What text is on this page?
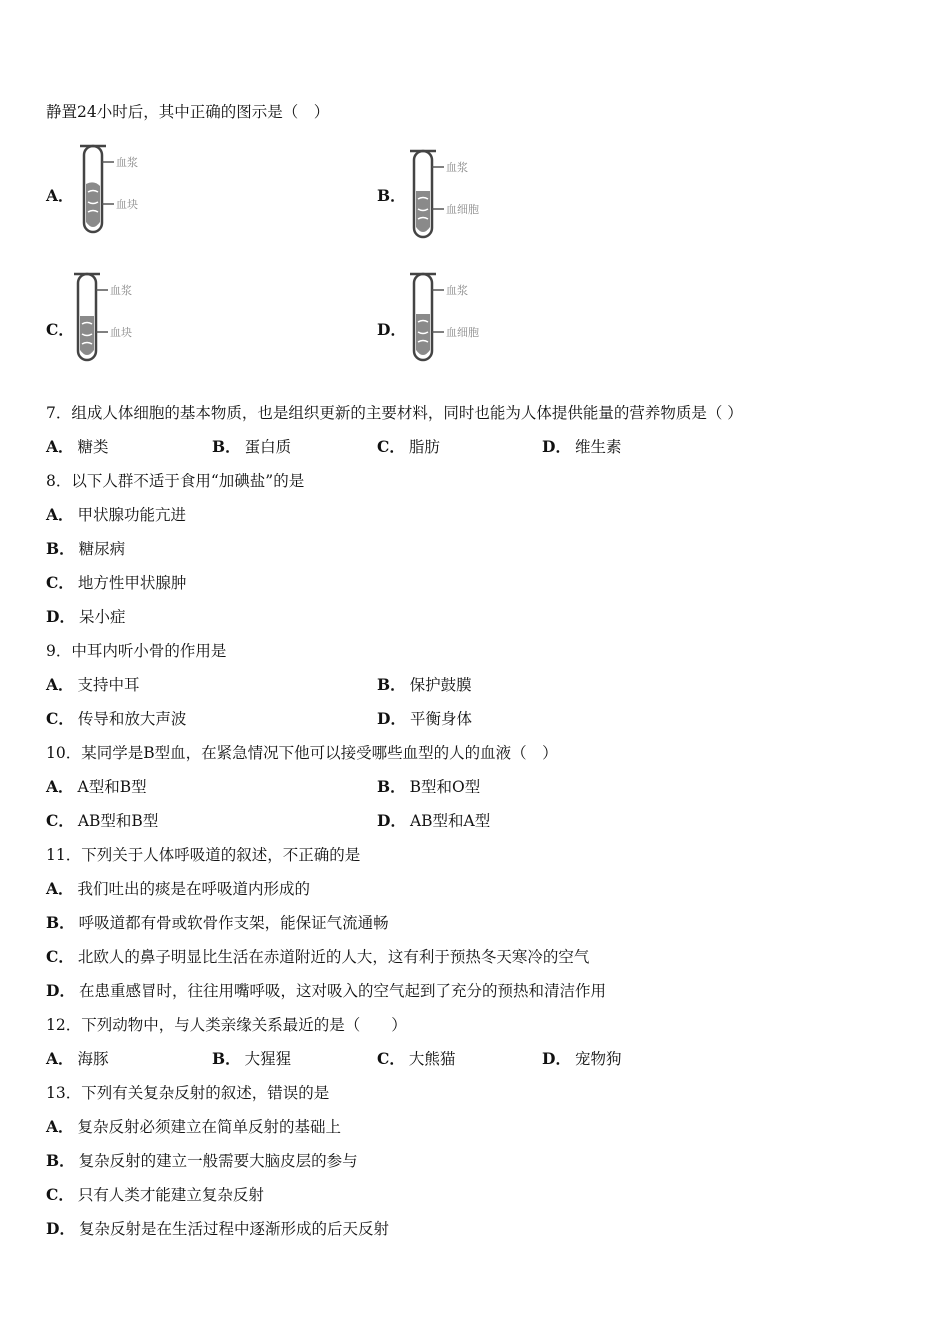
静置24小时后，其中正确的图示是（　）
A．
血浆
血块	B．
血浆
血细胞
C．
血浆
血块	D．
血浆
血细胞
7．组成人体细胞的基本物质，也是组织更新的主要材料，同时也能为人体提供能量的营养物质是（ ）
A． 糖类	B． 蛋白质	C． 脂肪	D． 维生素
8．以下人群不适于食用“加碘盐”的是
A． 甲状腺功能亢进
B． 糖尿病
C． 地方性甲状腺肿
D． 呆小症
9．中耳内听小骨的作用是
A． 支持中耳	B． 保护鼓膜
C． 传导和放大声波	D． 平衡身体
10．某同学是B型血，在紧急情况下他可以接受哪些血型的人的血液（　）
A． A型和B型	B． B型和O型
C． AB型和B型	D． AB型和A型
11．下列关于人体呼吸道的叙述，不正确的是
A． 我们吐出的痰是在呼吸道内形成的
B． 呼吸道都有骨或软骨作支架，能保证气流通畅
C． 北欧人的鼻子明显比生活在赤道附近的人大，这有利于预热冬天寒冷的空气
D． 在患重感冒时，往往用嘴呼吸，这对吸入的空气起到了充分的预热和清洁作用
12．下列动物中，与人类亲缘关系最近的是（　　）
A． 海豚	B． 大猩猩	C． 大熊猫	D． 宠物狗
13．下列有关复杂反射的叙述，错误的是
A． 复杂反射必须建立在简单反射的基础上
B． 复杂反射的建立一般需要大脑皮层的参与
C． 只有人类才能建立复杂反射
D． 复杂反射是在生活过程中逐渐形成的后天反射
